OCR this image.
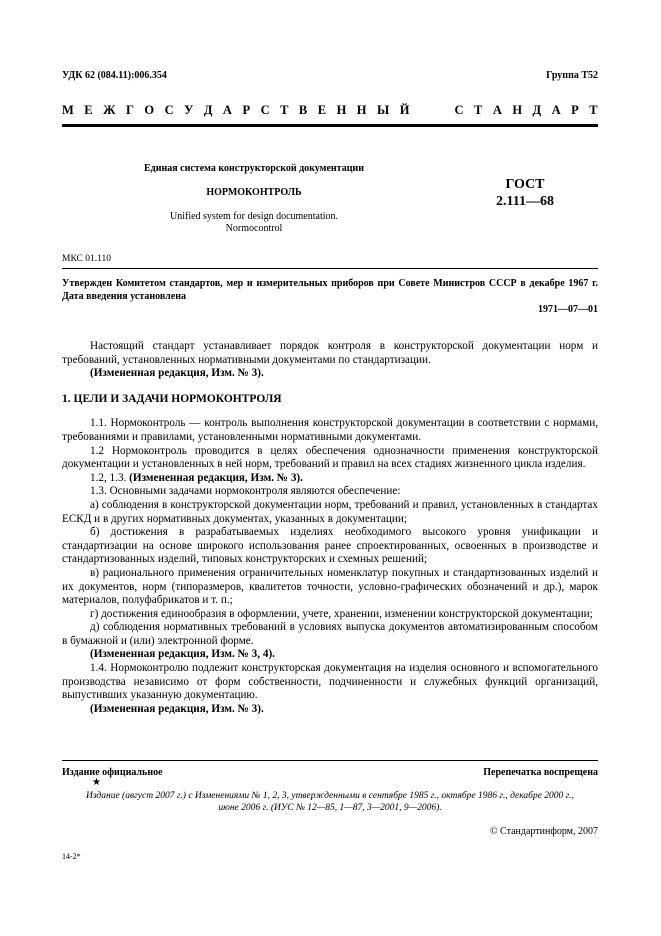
УДК 62 (084.11):006.354	Группа Т52
М Е Ж Г О С У Д А Р С Т В Е Н Н Ы Й	С Т А Н Д А Р Т
Единая система конструкторской документации
НОРМОКОНТРОЛЬ
Unified system for design documentation.
Normocontrol
ГОСТ
2.111—68
МКС 01.110
Утвержден Комитетом стандартов, мер и измерительных приборов при Совете Министров СССР в декабре 1967 г. Дата введения установлена
1971—07—01

Настоящий стандарт устанавливает порядок контроля в конструкторской документации норм и требований, установленных нормативными документами по стандартизации.

(Измененная редакция, Изм. № 3).

1. ЦЕЛИ И ЗАДАЧИ НОРМОКОНТРОЛЯ

1.1. Нормоконтроль — контроль выполнения конструкторской документации в соответствии с нормами, требованиями и правилами, установленными нормативными документами.

1.2 Нормоконтроль проводится в целях обеспечения однозначности применения конструкторской документации и установленных в ней норм, требований и правил на всех стадиях жизненного цикла изделия.

1.2, 1.3. (Измененная редакция, Изм. № 3).

1.3. Основными задачами нормоконтроля являются обеспечение:

а) соблюдения в конструкторской документации норм, требований и правил, установленных в стандартах ЕСКД и в других нормативных документах, указанных в документации;

б) достижения в разрабатываемых изделиях необходимого высокого уровня унификации и стандартизации на основе широкого использования ранее спроектированных, освоенных в производстве и стандартизованных изделий, типовых конструкторских и схемных решений;

в) рационального применения ограничительных номенклатур покупных и стандартизованных изделий и их документов, норм (типоразмеров, квалитетов точности, условно-графических обозначений и др.), марок материалов, полуфабрикатов и т. п.;

г) достижения единообразия в оформлении, учете, хранении, изменении конструкторской документации;

д) соблюдения нормативных требований в условиях выпуска документов автоматизированным способом в бумажной и (или) электронной форме.

(Измененная редакция, Изм. № 3, 4).

1.4. Нормоконтролю подлежит конструкторская документация на изделия основного и вспомогательного производства независимо от форм собственности, подчиненности и служебных функций организаций, выпустивших указанную документацию.

(Измененная редакция, Изм. № 3).

Издание официальное	Перепечатка воспрещена
★
Издание (август 2007 г.) с Изменениями № 1, 2, 3, утвержденными в сентябре 1985 г., октябре 1986 г., декабре 2000 г.,
июне 2006 г. (ИУС № 12—85, 1—87, 3—2001, 9—2006).
© Стандартинформ, 2007
14-2*
